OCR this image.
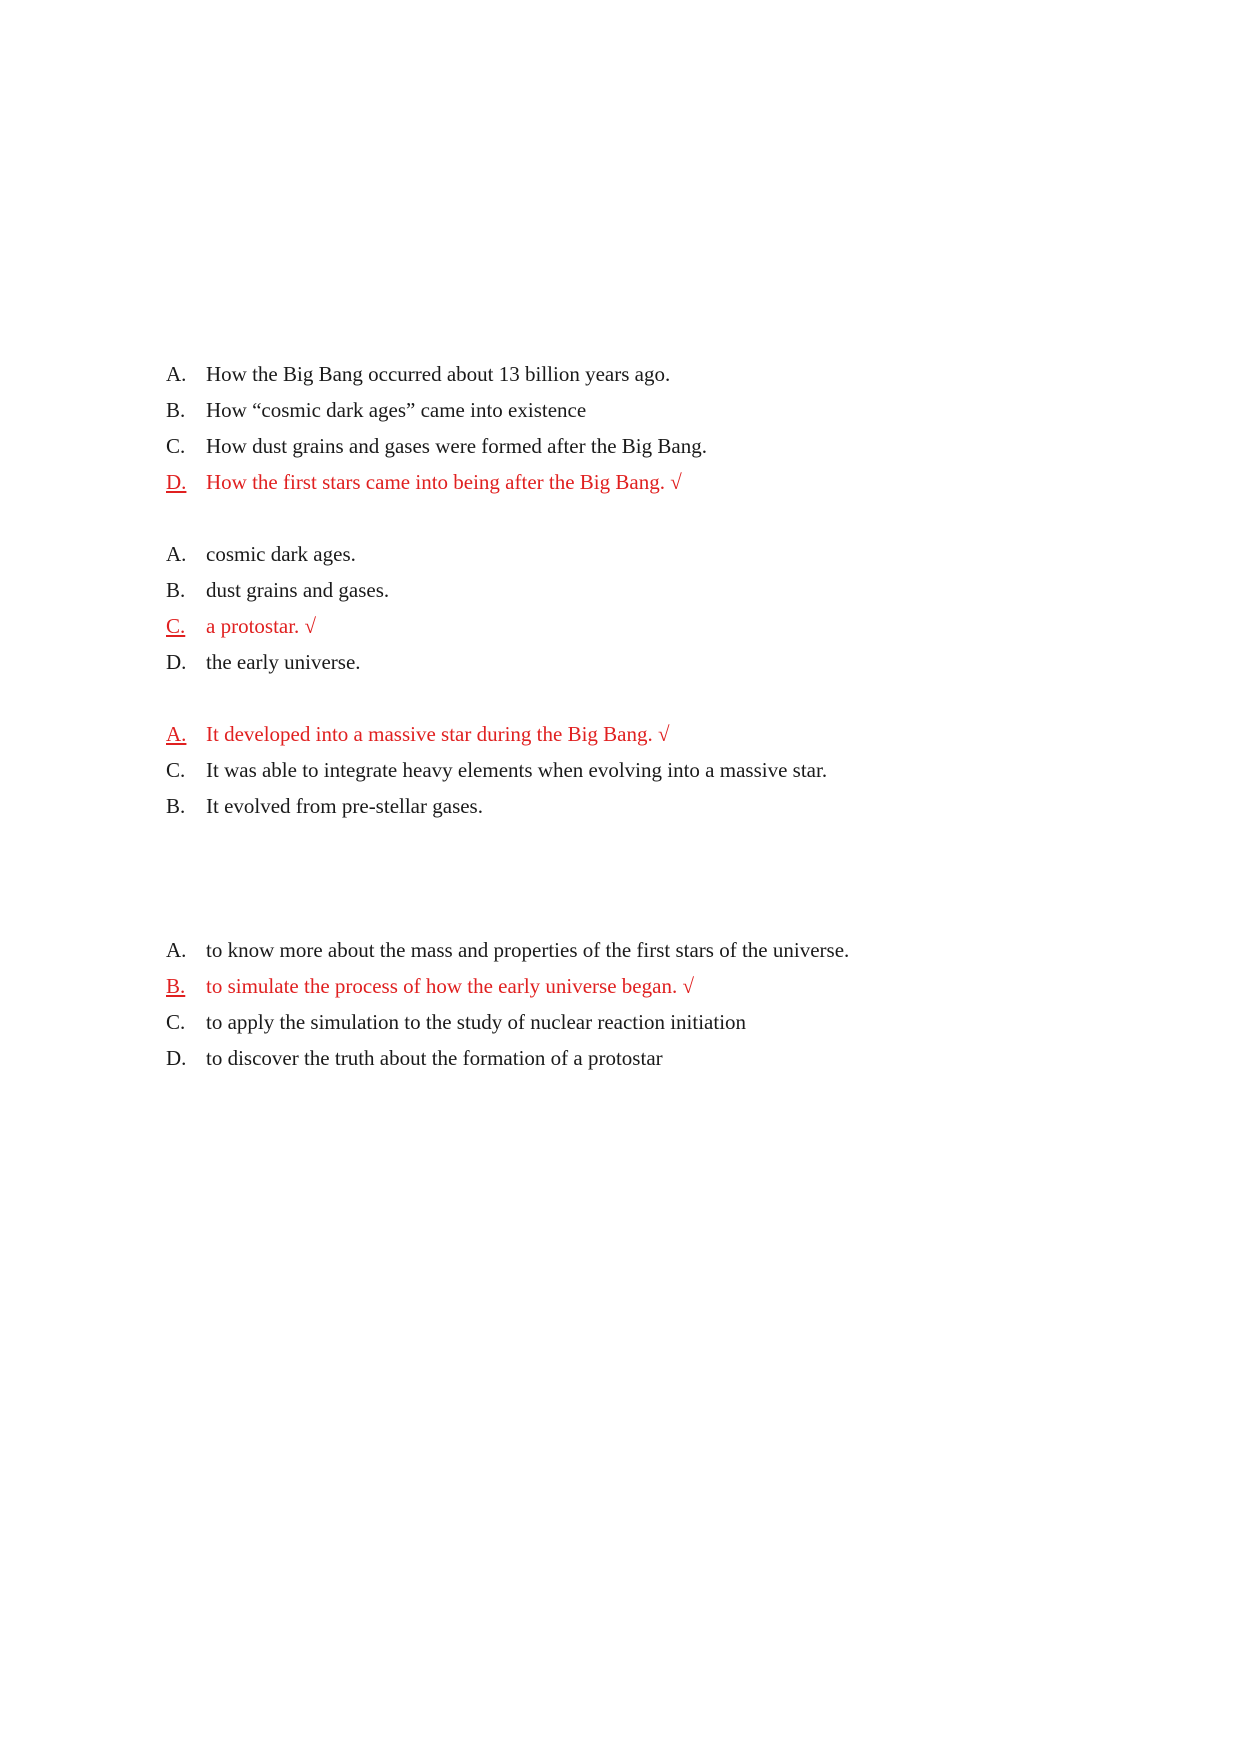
A. How the Big Bang occurred about 13 billion years ago.
B. How “cosmic dark ages” came into existence
C. How dust grains and gases were formed after the Big Bang.
D. How the first stars came into being after the Big Bang. √
A. cosmic dark ages.
B. dust grains and gases.
C. a protostar. √
D. the early universe.
A. It developed into a massive star during the Big Bang. √
C. It was able to integrate heavy elements when evolving into a massive star.
B. It evolved from pre-stellar gases.
A. to know more about the mass and properties of the first stars of the universe.
B. to simulate the process of how the early universe began. √
C. to apply the simulation to the study of nuclear reaction initiation
D. to discover the truth about the formation of a protostar
